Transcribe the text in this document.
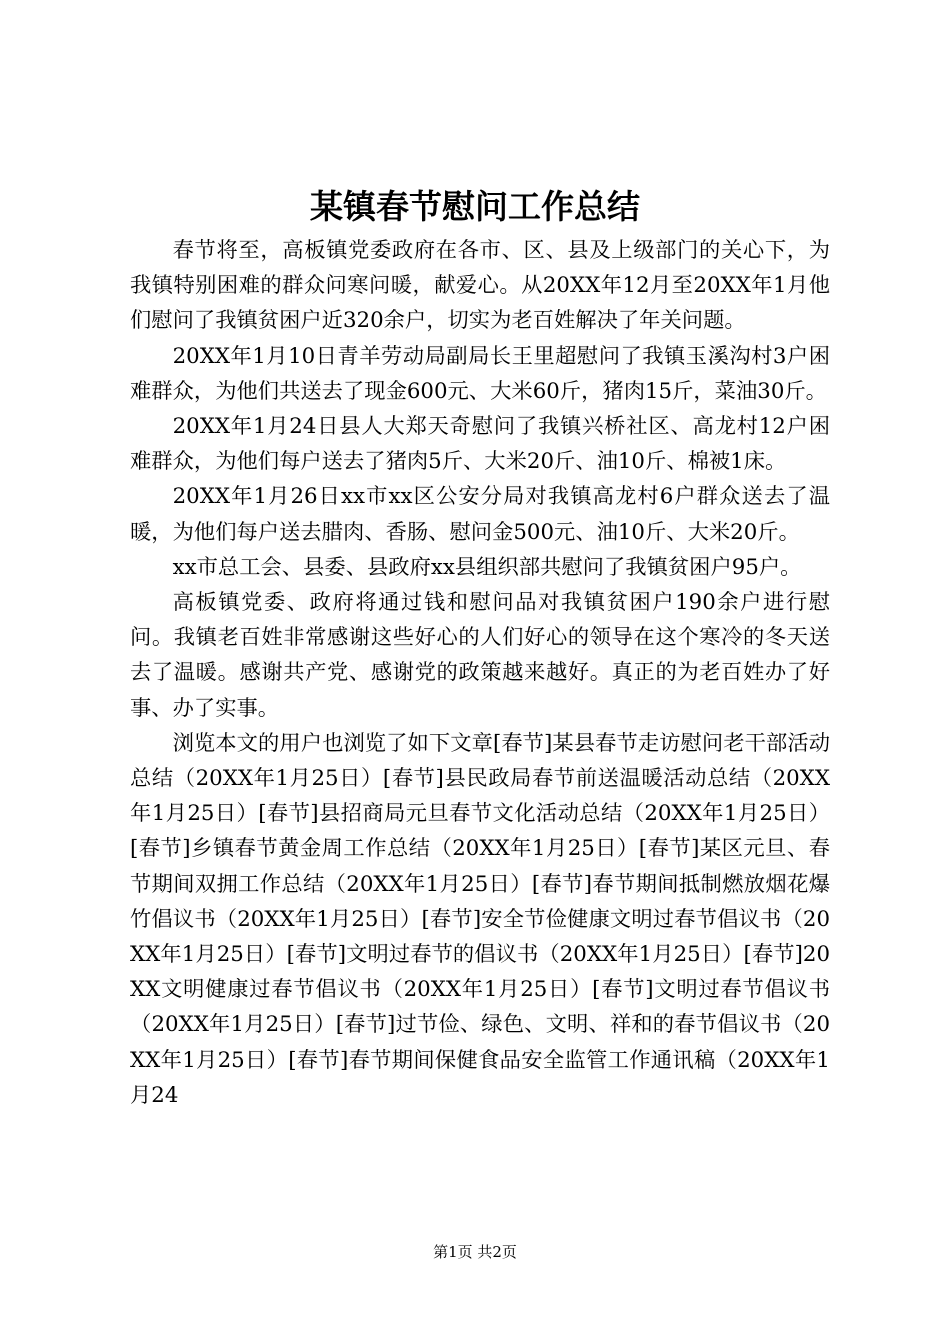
某镇春节慰问工作总结

春节将至，高板镇党委政府在各市、区、县及上级部门的关心下，为我镇特别困难的群众问寒问暖，献爱心。从20XX年12月至20XX年1月他们慰问了我镇贫困户近320余户，切实为老百姓解决了年关问题。

20XX年1月10日青羊劳动局副局长王里超慰问了我镇玉溪沟村3户困难群众，为他们共送去了现金600元、大米60斤，猪肉15斤，菜油30斤。

20XX年1月24日县人大郑天奇慰问了我镇兴桥社区、高龙村12户困难群众，为他们每户送去了猪肉5斤、大米20斤、油10斤、棉被1床。

20XX年1月26日xx市xx区公安分局对我镇高龙村6户群众送去了温暖，为他们每户送去腊肉、香肠、慰问金500元、油10斤、大米20斤。

xx市总工会、县委、县政府xx县组织部共慰问了我镇贫困户95户。

高板镇党委、政府将通过钱和慰问品对我镇贫困户190余户进行慰问。我镇老百姓非常感谢这些好心的人们好心的领导在这个寒冷的冬天送去了温暖。感谢共产党、感谢党的政策越来越好。真正的为老百姓办了好事、办了实事。

浏览本文的用户也浏览了如下文章[春节]某县春节走访慰问老干部活动总结（20XX年1月25日）[春节]县民政局春节前送温暖活动总结（20XX年1月25日）[春节]县招商局元旦春节文化活动总结（20XX年1月25日）[春节]乡镇春节黄金周工作总结（20XX年1月25日）[春节]某区元旦、春节期间双拥工作总结（20XX年1月25日）[春节]春节期间抵制燃放烟花爆竹倡议书（20XX年1月25日）[春节]安全节俭健康文明过春节倡议书（20XX年1月25日）[春节]文明过春节的倡议书（20XX年1月25日）[春节]20XX文明健康过春节倡议书（20XX年1月25日）[春节]文明过春节倡议书（20XX年1月25日）[春节]过节俭、绿色、文明、祥和的春节倡议书（20XX年1月25日）[春节]春节期间保健食品安全监管工作通讯稿（20XX年1月24

第1页 共2页
